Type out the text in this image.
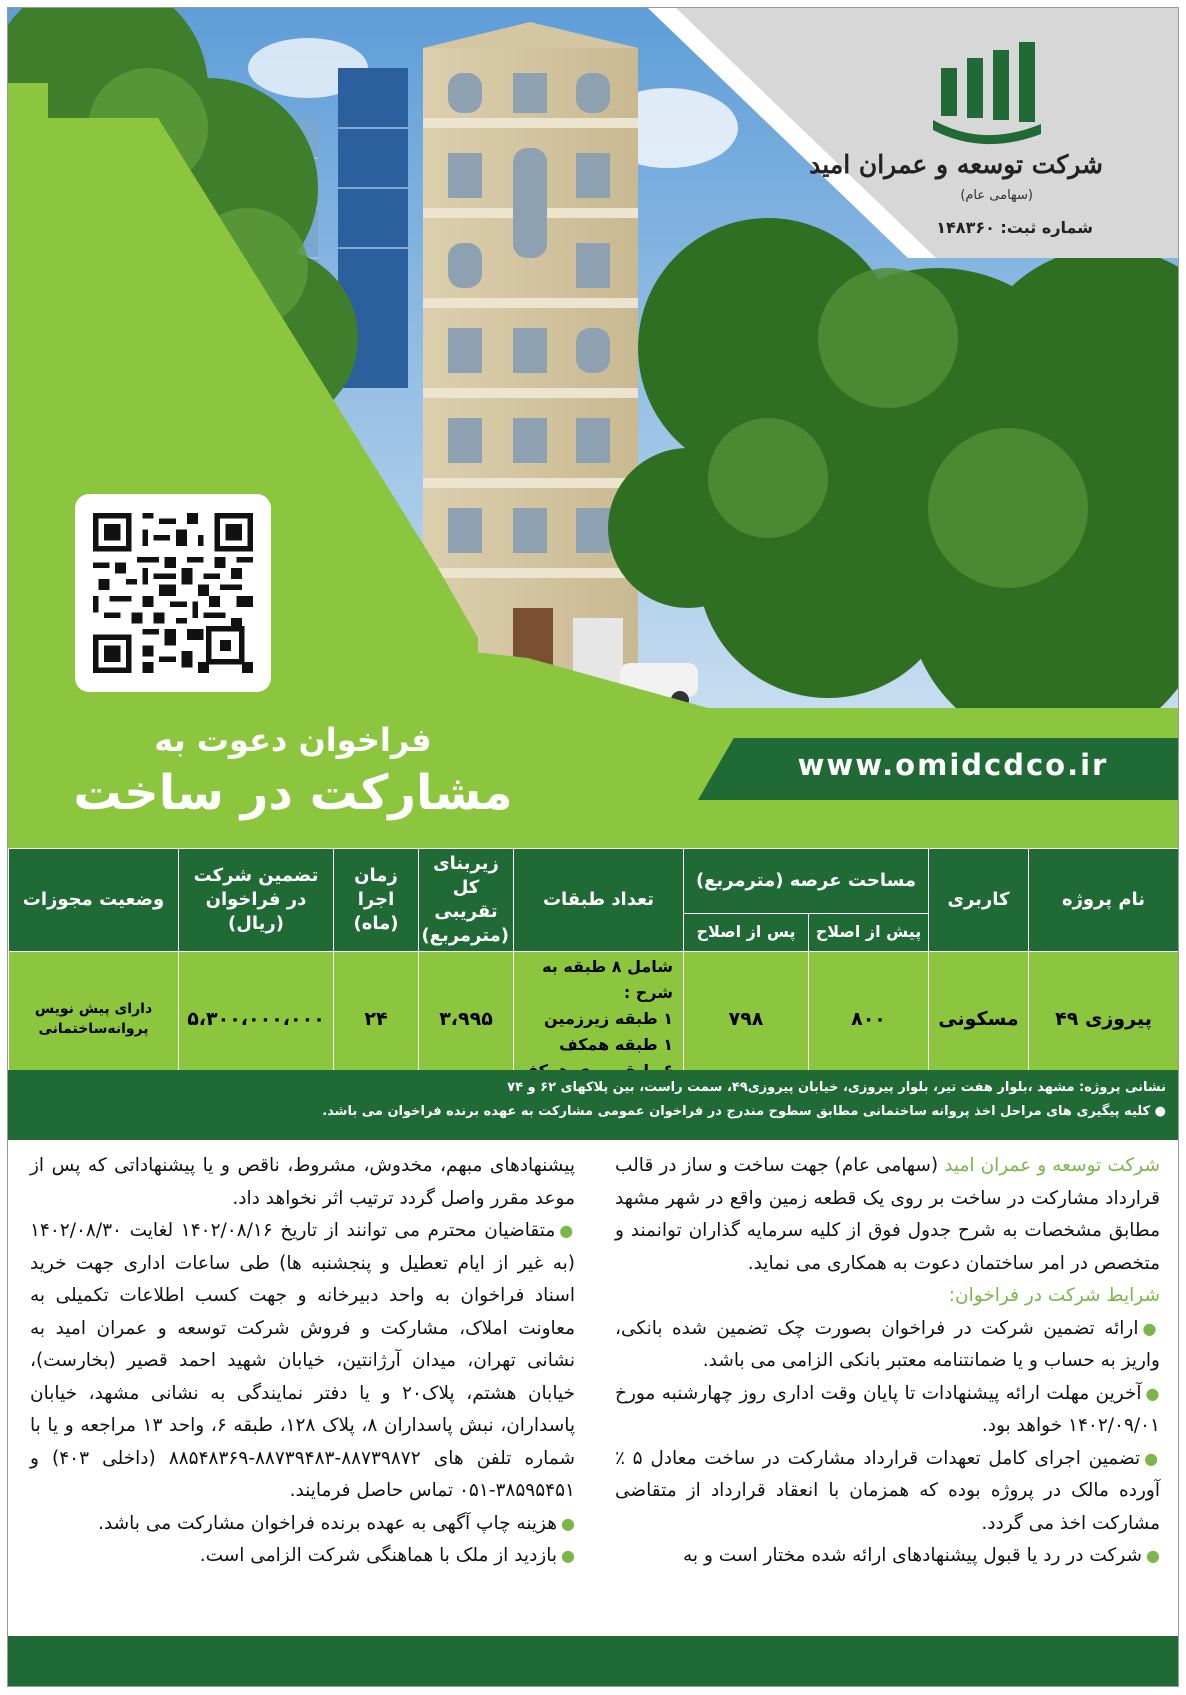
شرکت توسعه و عمران امید
(سهامی عام)
شماره ثبت: ۱۴۸۳۶۰
فراخوان دعوت به
مشارکت در ساخت	www.omidcdco.ir
نام پروژه	کاربری	مساحت عرصه (مترمربع)		تعداد طبقات	زیربنای کل تقریبی (مترمربع)	زمان اجرا (ماه)	تضمین شرکت در فراخوان (ریال)	وضعیت مجوزات
		پیش از اصلاح	پس از اصلاح					
پیروزی ۴۹	مسکونی	۸۰۰	۷۹۸	شامل ۸ طبقه به شرح :
۱ طبقه زیرزمین
۱ طبقه همکف	۳،۹۹۵	۲۴	۵،۳۰۰،۰۰۰،۰۰۰	دارای پیش نویس پروانه‌ساختمانی
نشانی پروژه: مشهد ،بلوار هفت تیر، بلوار پیروزی، خیابان پیروزی۴۹، سمت راست، بین پلاکهای ۶۲ و ۷۴
● کلیه پیگیری های مراحل اخذ پروانه ساختمانی مطابق سطوح مندرج در فراخوان عمومی مشارکت به عهده برنده فراخوان می باشد.

شرکت توسعه و عمران امید (سهامی عام) جهت ساخت و ساز در قالب قرارداد مشارکت در ساخت بر روی یک قطعه زمین واقع در شهر مشهد مطابق مشخصات به شرح جدول فوق از کلیه سرمایه گذاران توانمند و متخصص در امر ساختمان دعوت به همکاری می نماید.

شرایط شرکت در فراخوان:

●ارائه تضمین شرکت در فراخوان بصورت چک تضمین شده بانکی، واریز به حساب و یا ضمانتنامه معتبر بانکی الزامی می باشد.

●آخرین مهلت ارائه پیشنهادات تا پایان وقت اداری روز چهارشنبه مورخ ۱۴۰۲/۰۹/۰۱ خواهد بود.

●تضمین اجرای کامل تعهدات قرارداد مشارکت در ساخت معادل ۵ ٪ آورده مالک در پروژه بوده که همزمان با انعقاد قرارداد از متقاضی مشارکت اخذ می گردد.

●شرکت در رد یا قبول پیشنهادهای ارائه شده مختار است و به

پیشنهادهای مبهم، مخدوش، مشروط، ناقص و یا پیشنهاداتی که پس از موعد مقرر واصل گردد ترتیب اثر نخواهد داد.

●متقاضیان محترم می توانند از تاریخ ۱۴۰۲/۰۸/۱۶ لغایت ۱۴۰۲/۰۸/۳۰ (به غیر از ایام تعطیل و پنجشنبه ها) طی ساعات اداری جهت خرید اسناد فراخوان به واحد دبیرخانه و جهت کسب اطلاعات تکمیلی به معاونت املاک، مشارکت و فروش شرکت توسعه و عمران امید به نشانی تهران، میدان آرژانتین، خیابان شهید احمد قصیر (بخارست)، خیابان هشتم، پلاک۲۰ و یا دفتر نمایندگی به نشانی مشهد، خیابان پاسداران، نبش پاسداران ۸، پلاک ۱۲۸، طبقه ۶، واحد ۱۳ مراجعه و یا با شماره تلفن های ۸۸۷۳۹۸۷۲-۸۸۷۳۹۴۸۳-۸۸۵۴۸۳۶۹ (داخلی ۴۰۳) و ۳۸۵۹۵۴۵۱-۰۵۱ تماس حاصل فرمایند.

●هزینه چاپ آگهی به عهده برنده فراخوان مشارکت می باشد.

●بازدید از ملک با هماهنگی شرکت الزامی است.
